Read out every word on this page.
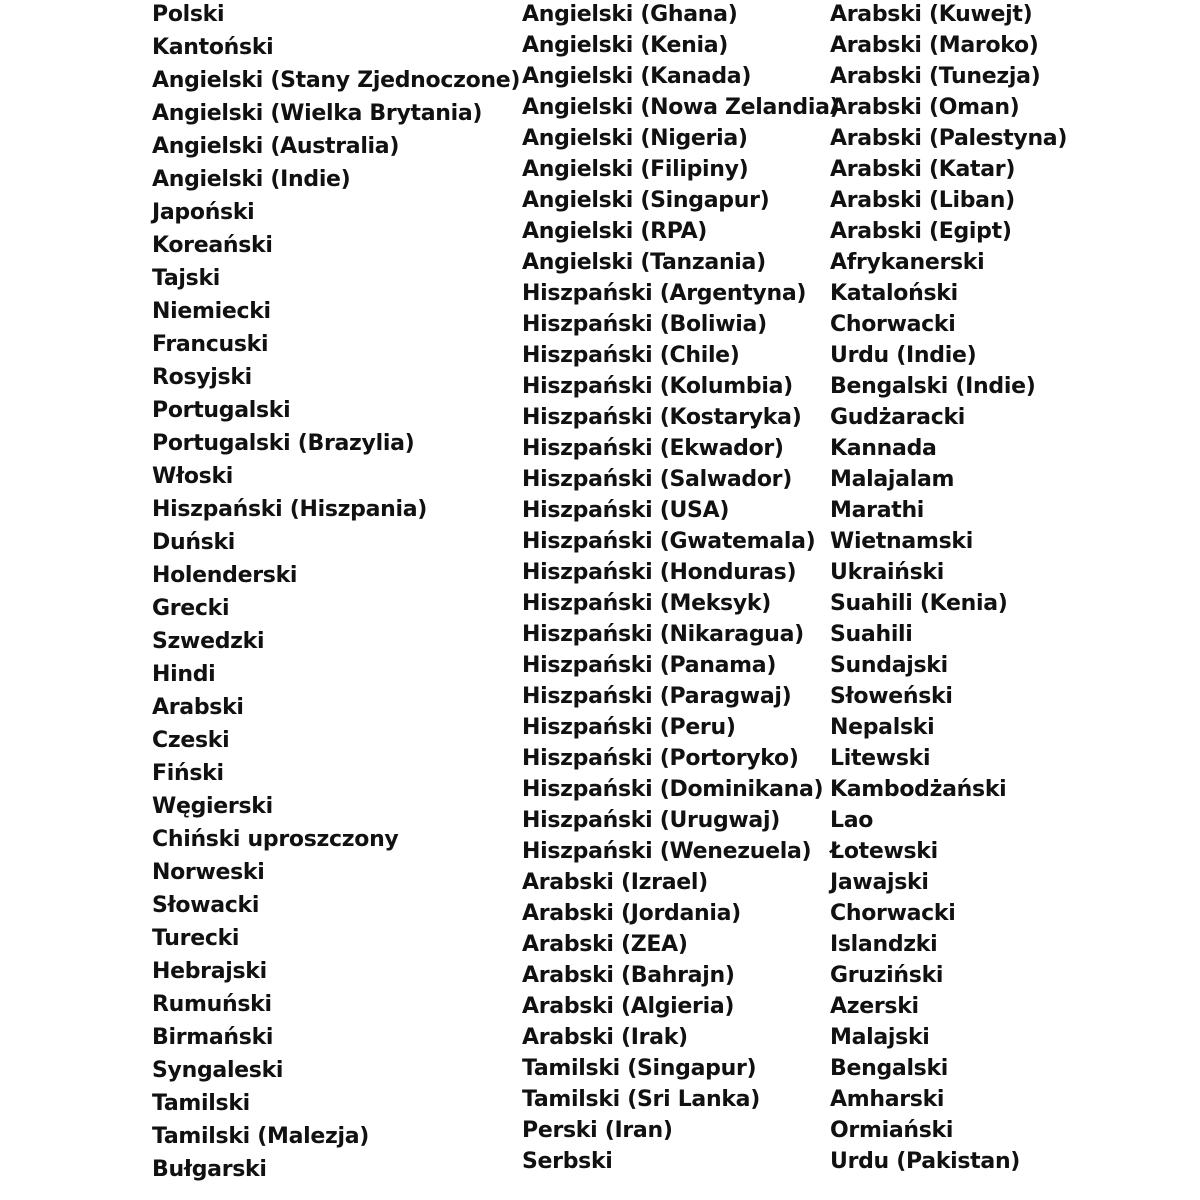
Polski
Kantoński
Angielski (Stany Zjednoczone)
Angielski (Wielka Brytania)
Angielski (Australia)
Angielski (Indie)
Japoński
Koreański
Tajski
Niemiecki
Francuski
Rosyjski
Portugalski
Portugalski (Brazylia)
Włoski
Hiszpański (Hiszpania)
Duński
Holenderski
Grecki
Szwedzki
Hindi
Arabski
Czeski
Fiński
Węgierski
Chiński uproszczony
Norweski
Słowacki
Turecki
Hebrajski
Rumuński
Birmański
Syngaleski
Tamilski
Tamilski (Malezja)
Bułgarski
Angielski (Ghana)
Angielski (Kenia)
Angielski (Kanada)
Angielski (Nowa Zelandia)
Angielski (Nigeria)
Angielski (Filipiny)
Angielski (Singapur)
Angielski (RPA)
Angielski (Tanzania)
Hiszpański (Argentyna)
Hiszpański (Boliwia)
Hiszpański (Chile)
Hiszpański (Kolumbia)
Hiszpański (Kostaryka)
Hiszpański (Ekwador)
Hiszpański (Salwador)
Hiszpański (USA)
Hiszpański (Gwatemala)
Hiszpański (Honduras)
Hiszpański (Meksyk)
Hiszpański (Nikaragua)
Hiszpański (Panama)
Hiszpański (Paragwaj)
Hiszpański (Peru)
Hiszpański (Portoryko)
Hiszpański (Dominikana)
Hiszpański (Urugwaj)
Hiszpański (Wenezuela)
Arabski (Izrael)
Arabski (Jordania)
Arabski (ZEA)
Arabski (Bahrajn)
Arabski (Algieria)
Arabski (Irak)
Tamilski (Singapur)
Tamilski (Sri Lanka)
Perski (Iran)
Serbski
Arabski (Kuwejt)
Arabski (Maroko)
Arabski (Tunezja)
Arabski (Oman)
Arabski (Palestyna)
Arabski (Katar)
Arabski (Liban)
Arabski (Egipt)
Afrykanerski
Kataloński
Chorwacki
Urdu (Indie)
Bengalski (Indie)
Gudżaracki
Kannada
Malajalam
Marathi
Wietnamski
Ukraiński
Suahili (Kenia)
Suahili
Sundajski
Słoweński
Nepalski
Litewski
Kambodżański
Lao
Łotewski
Jawajski
Chorwacki
Islandzki
Gruziński
Azerski
Malajski
Bengalski
Amharski
Ormiański
Urdu (Pakistan)
